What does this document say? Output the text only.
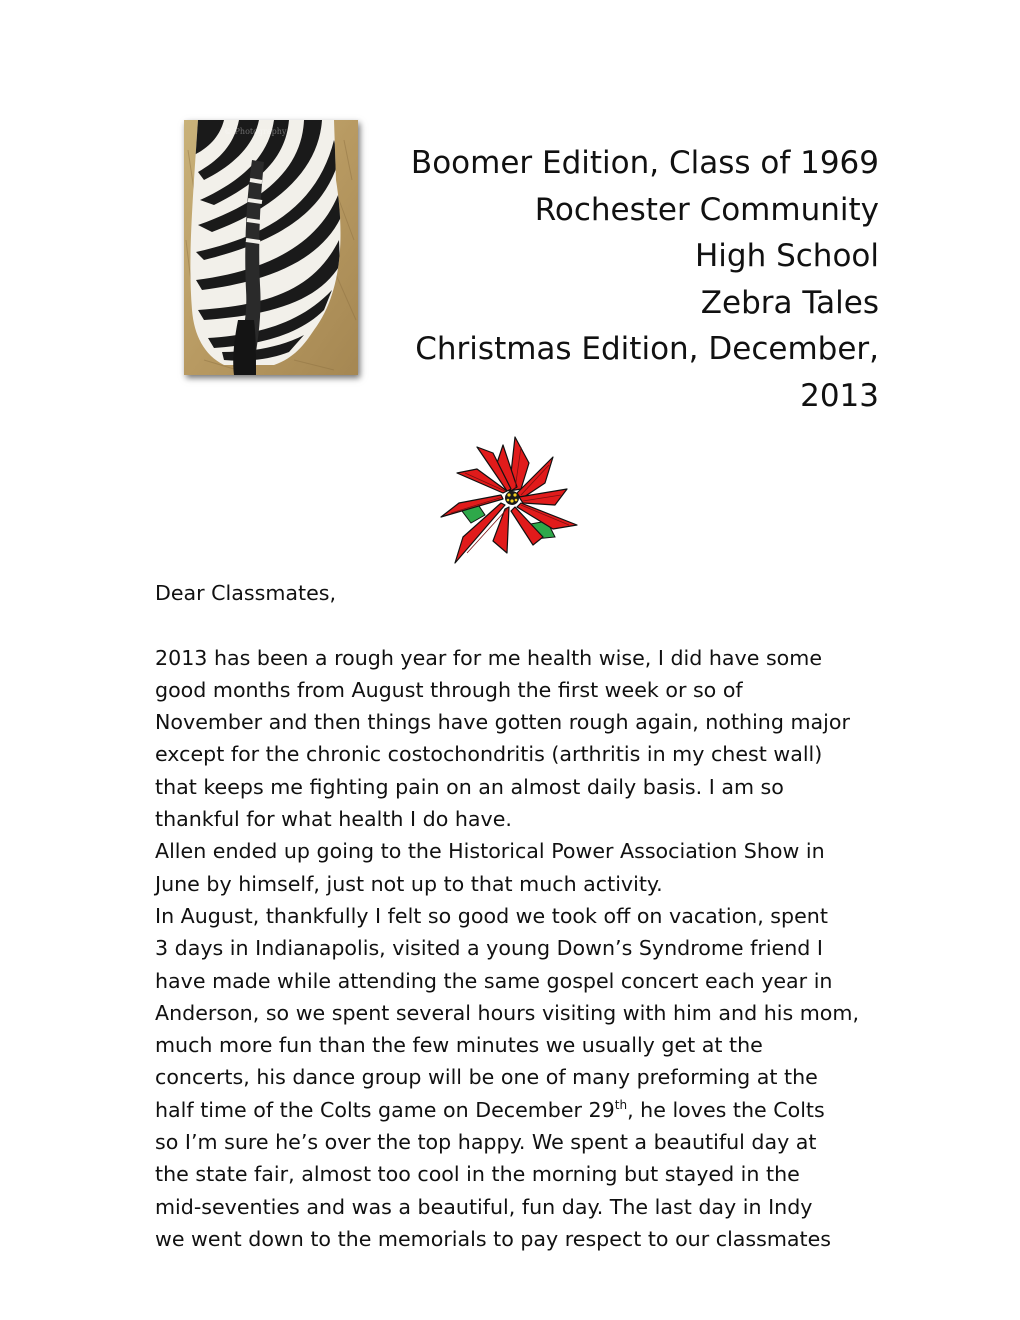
© Photography
Boomer Edition, Class of 1969
Rochester Community
High School
Zebra Tales
Christmas Edition, December,
2013

Dear Classmates,

2013 has been a rough year for me health wise, I did have some
good months from August through the first week or so of
November and then things have gotten rough again, nothing major
except for the chronic costochondritis (arthritis in my chest wall)
that keeps me fighting pain on an almost daily basis. I am so
thankful for what health I do have.
Allen ended up going to the Historical Power Association Show in
June by himself, just not up to that much activity.
In August, thankfully I felt so good we took off on vacation, spent
3 days in Indianapolis, visited a young Down’s Syndrome friend I
have made while attending the same gospel concert each year in
Anderson, so we spent several hours visiting with him and his mom,
much more fun than the few minutes we usually get at the
concerts, his dance group will be one of many preforming at the
half time of the Colts game on December 29th, he loves the Colts
so I’m sure he’s over the top happy. We spent a beautiful day at
the state fair, almost too cool in the morning but stayed in the
mid-seventies and was a beautiful, fun day. The last day in Indy
we went down to the memorials to pay respect to our classmates
